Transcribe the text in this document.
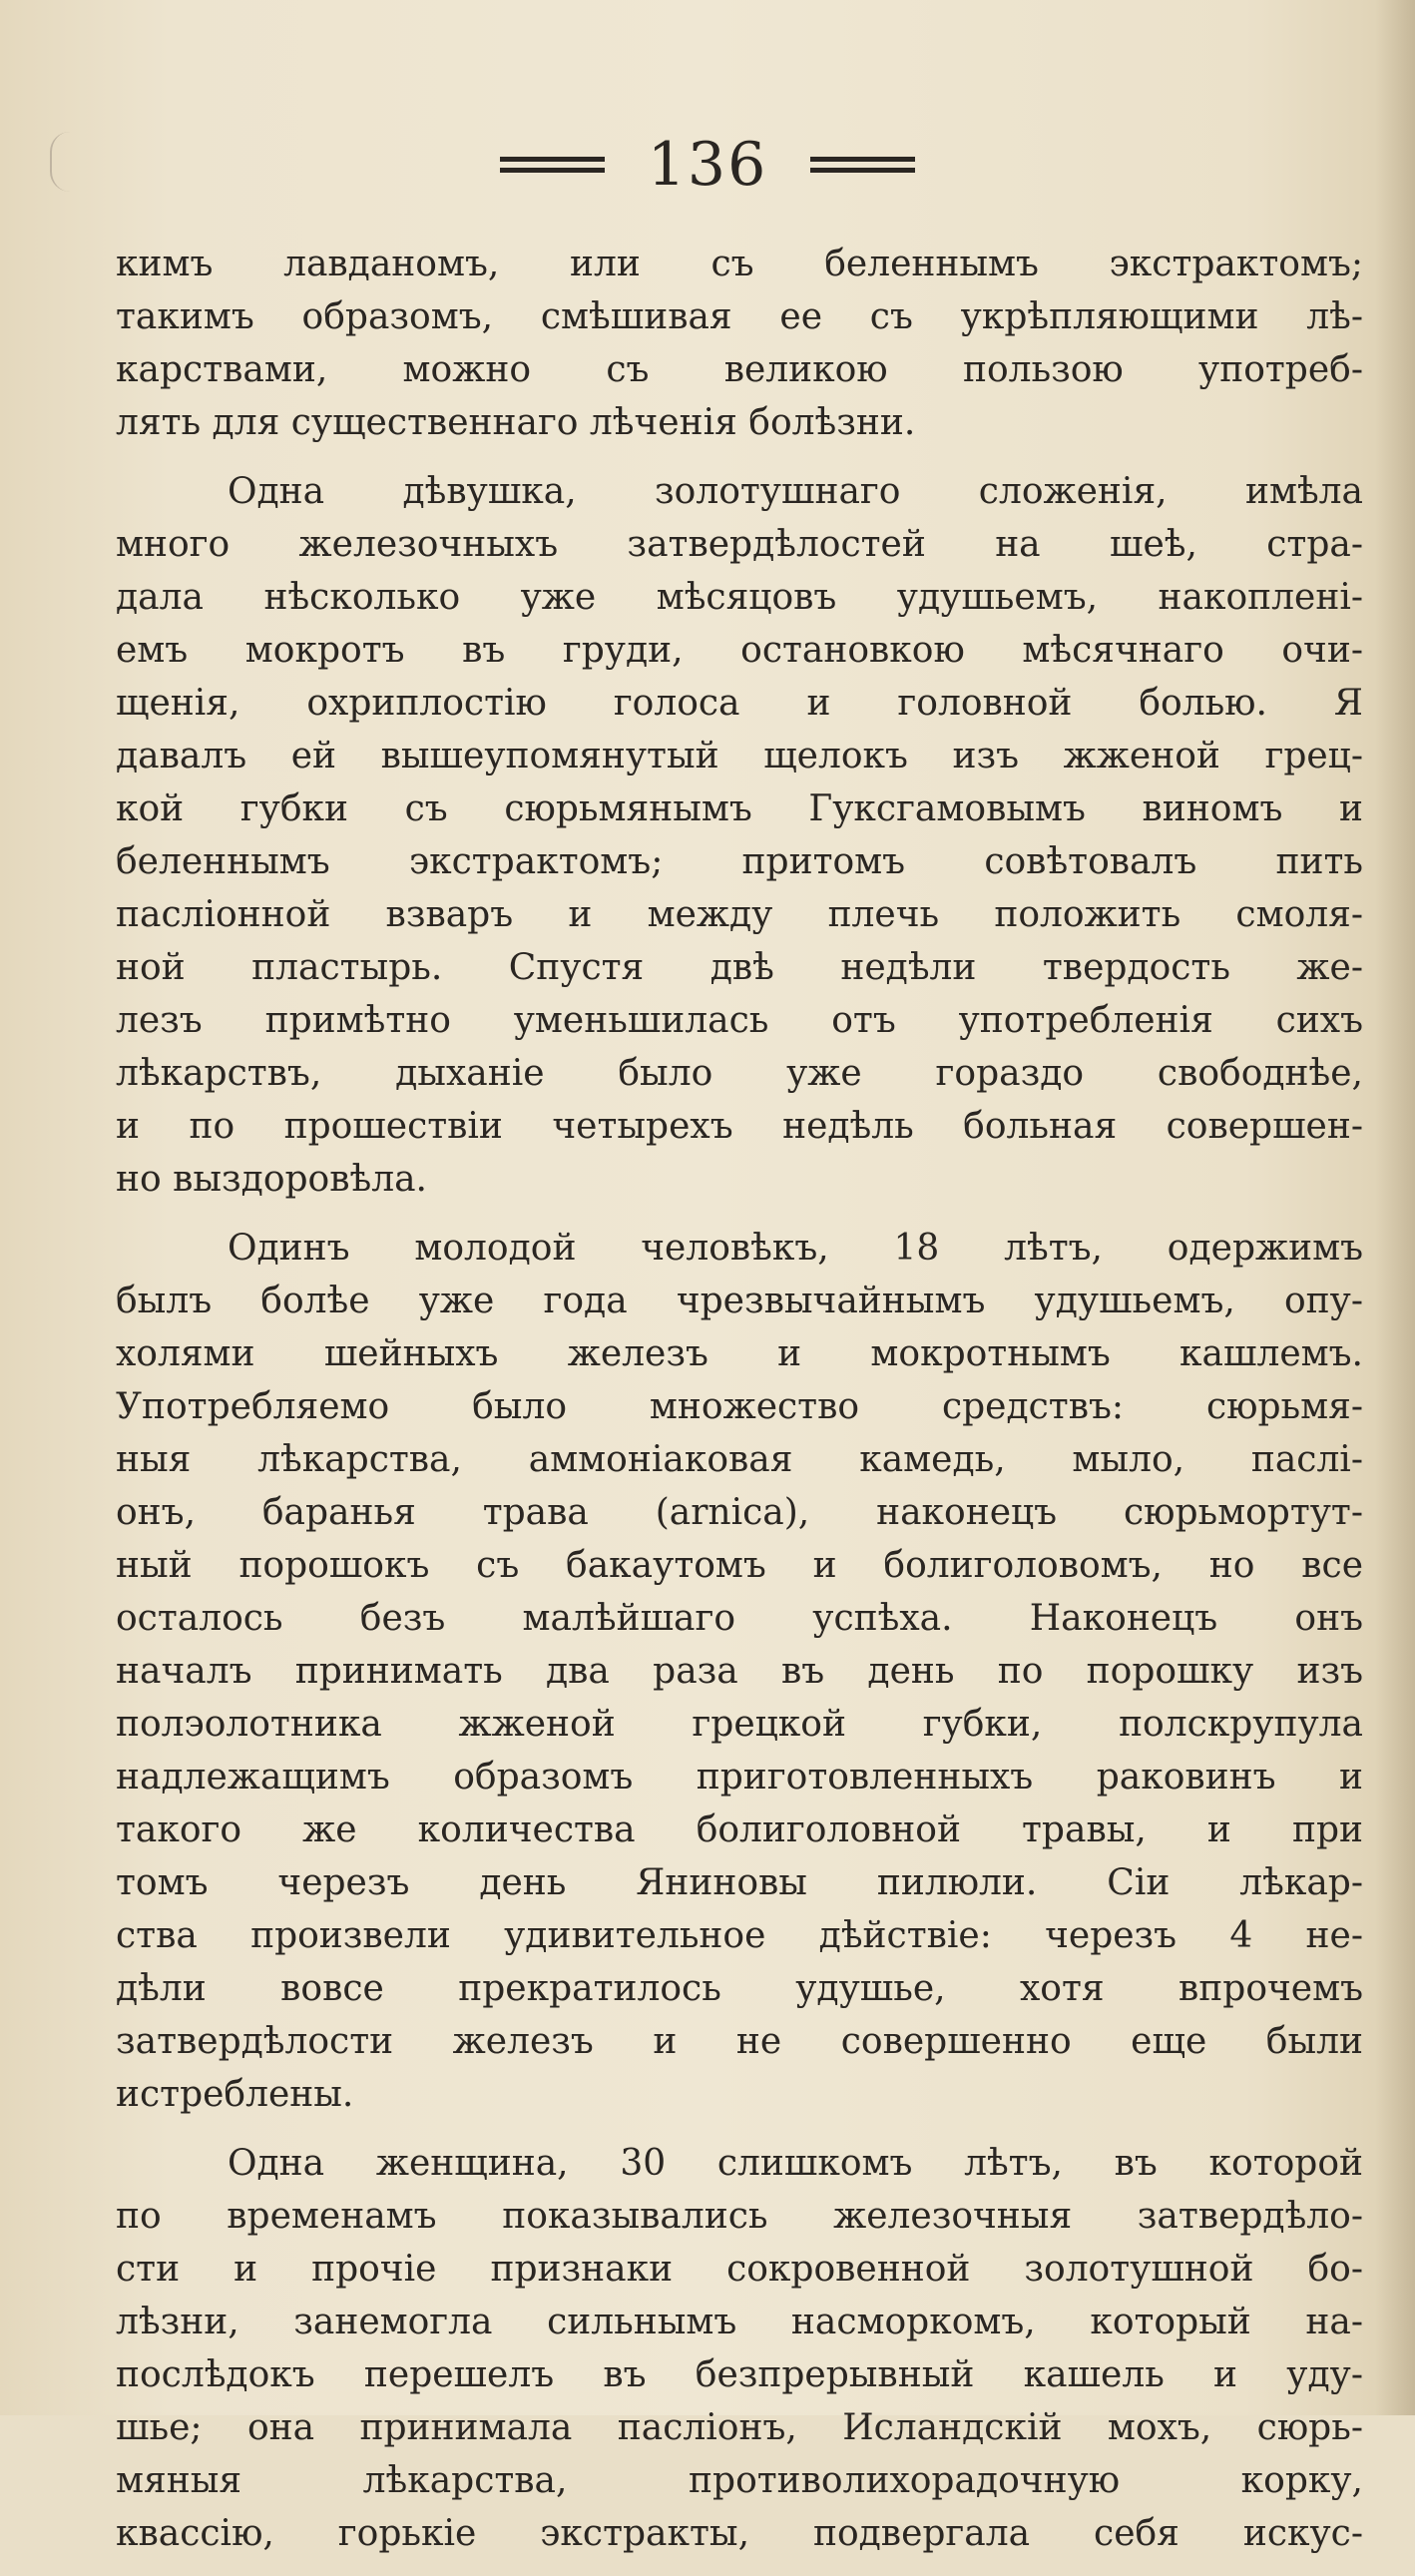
136
кимъ лавданомъ, или съ беленнымъ экстрактомъ;
такимъ образомъ, смѣшивая ее съ укрѣпляющими лѣ-
карствами, можно съ великою пользою употреб-
лять для существеннаго лѣченія болѣзни.
Одна дѣвушка, золотушнаго сложенія, имѣла
много железочныхъ затвердѣлостей на шеѣ, стра-
дала нѣсколько уже мѣсяцовъ удушьемъ, накопленi-
емъ мокротъ въ груди, остановкою мѣсячнаго очи-
щенія, охриплостію голоса и головной болью. Я
давалъ ей вышеупомянутый щелокъ изъ жженой грец-
кой губки съ сюрьмянымъ Гуксгамовымъ виномъ и
беленнымъ экстрактомъ; притомъ совѣтовалъ пить
паслiонной взваръ и между плечь положить смоля-
ной пластырь. Спустя двѣ недѣли твердость же-
лезъ примѣтно уменьшилась отъ употребленія сихъ
лѣкарствъ, дыханіе было уже гораздо свободнѣе,
и по прошествіи четырехъ недѣль больная совершен-
но выздоровѣла.
Одинъ молодой человѣкъ, 18 лѣтъ, одержимъ
былъ болѣе уже года чрезвычайнымъ удушьемъ, опу-
холями шейныхъ железъ и мокротнымъ кашлемъ.
Употребляемо было множество средствъ: сюрьмя-
ныя лѣкарства, аммоніаковая камедь, мыло, паслі-
онъ, баранья трава (arnica), наконецъ сюрьмортут-
ный порошокъ съ бакаутомъ и болиголовомъ, но все
осталось безъ малѣйшаго успѣха. Наконецъ онъ
началъ принимать два раза въ день по порошку изъ
полэолотника жженой грецкой губки, полскрупула
надлежащимъ образомъ приготовленныхъ раковинъ и
такого же количества болиголовной травы, и при
томъ черезъ день Яниновы пилюли. Сіи лѣкар-
ства произвели удивительное дѣйствіе: черезъ 4 не-
дѣли вовсе прекратилось удушье, хотя впрочемъ
затвердѣлости железъ и не совершенно еще были
истреблены.
Одна женщина, 30 слишкомъ лѣтъ, въ которой
по временамъ показывались железочныя затвердѣло-
сти и прочіе признаки сокровенной золотушной бо-
лѣзни, занемогла сильнымъ насморкомъ, который на-
послѣдокъ перешелъ въ безпрерывный кашель и уду-
шье; она принимала паслiонъ, Исландскій мохъ, сюрь-
мяныя лѣкарства, противолихорадочную корку,
квассію, горькiе экстракты, подвергала себя искус-
